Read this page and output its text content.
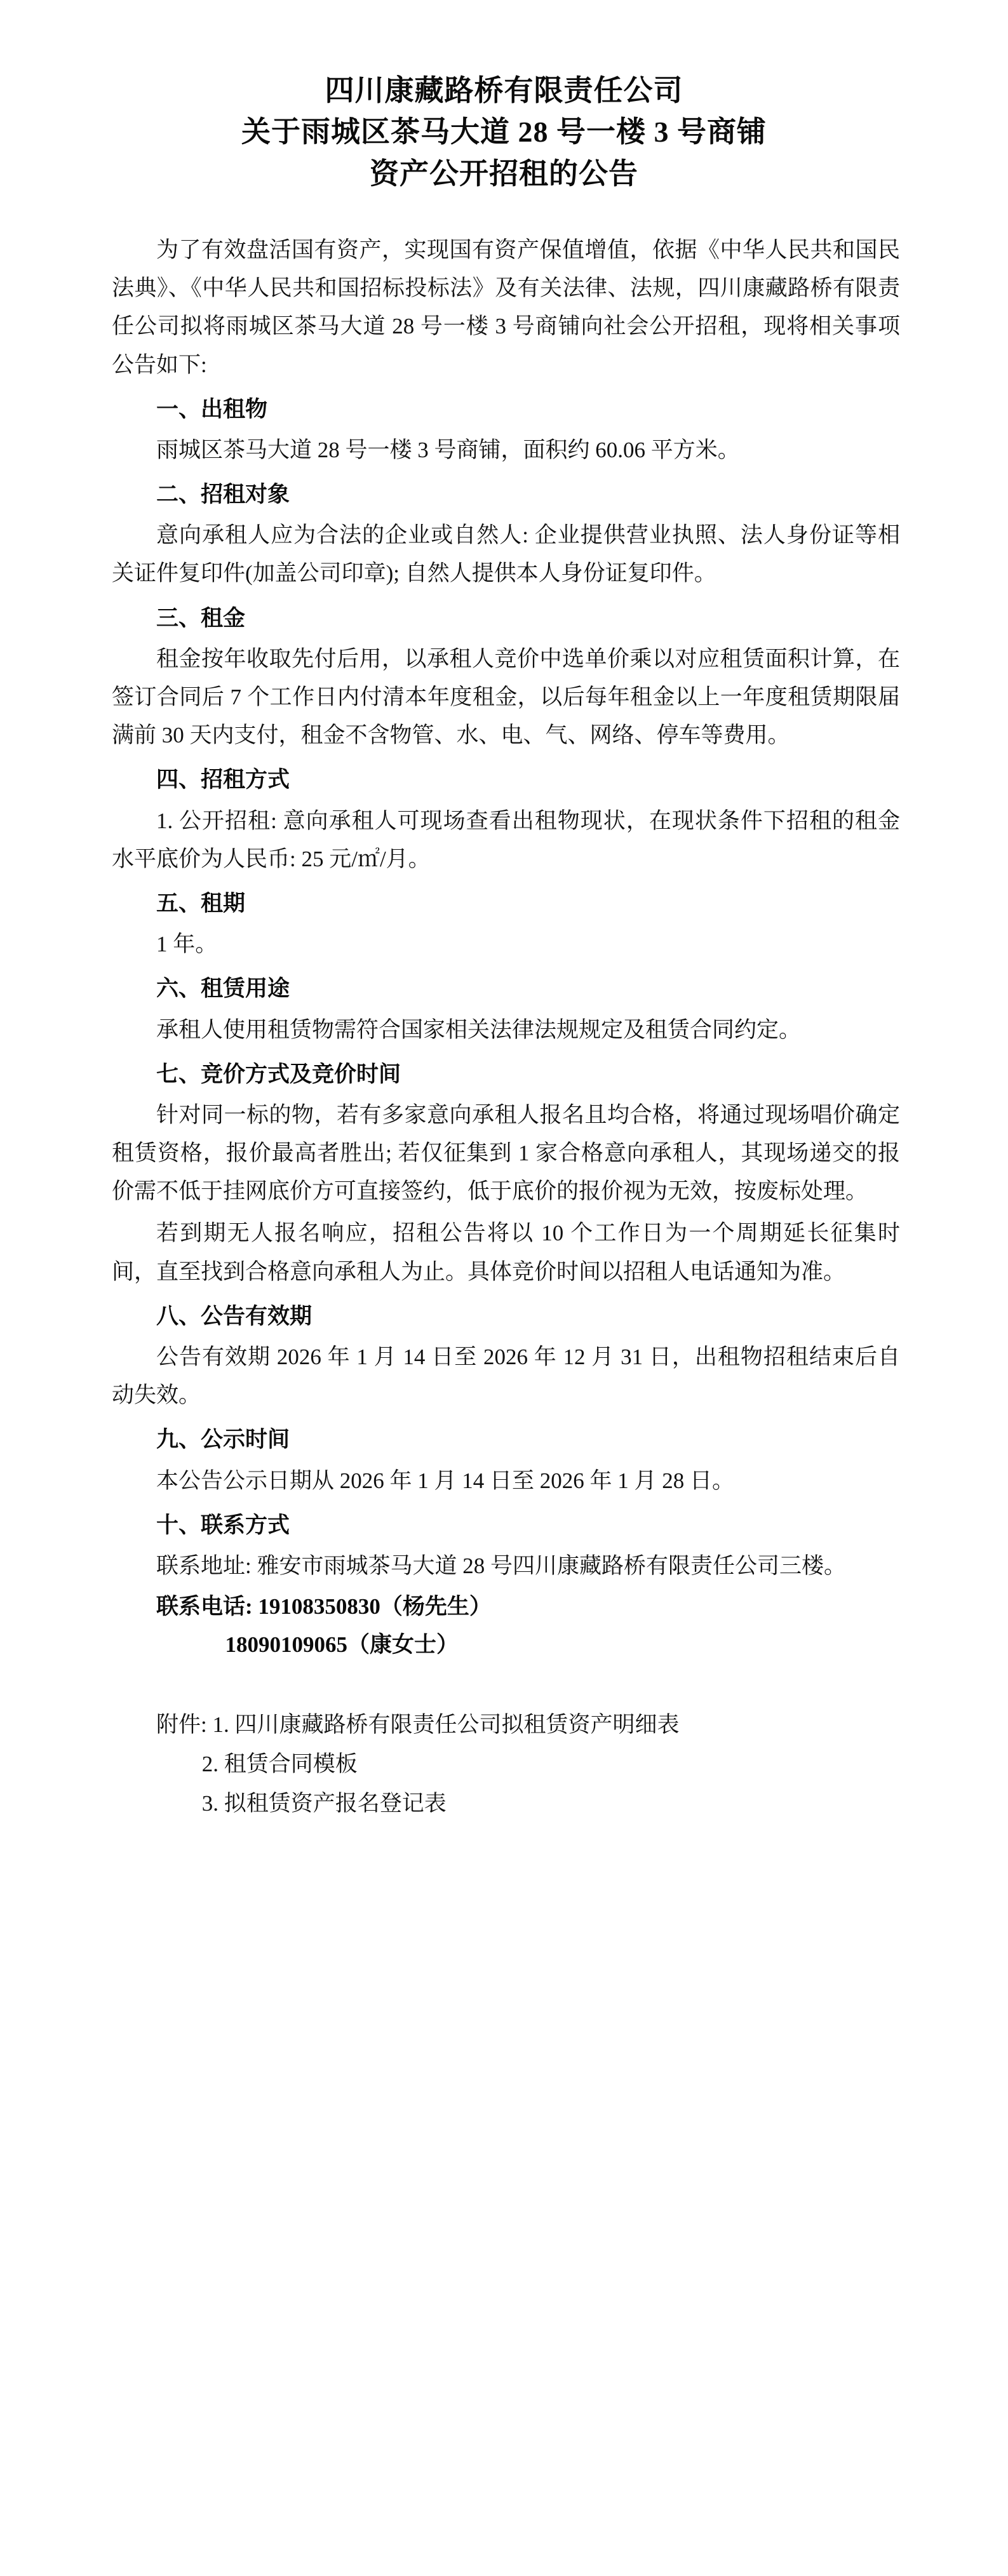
四川康藏路桥有限责任公司
关于雨城区茶马大道 28 号一楼 3 号商铺
资产公开招租的公告

为了有效盘活国有资产，实现国有资产保值增值，依据《中华人民共和国民法典》、《中华人民共和国招标投标法》及有关法律、法规，四川康藏路桥有限责任公司拟将雨城区茶马大道 28 号一楼 3 号商铺向社会公开招租，现将相关事项公告如下:

一、出租物

雨城区茶马大道 28 号一楼 3 号商铺，面积约 60.06 平方米。

二、招租对象

意向承租人应为合法的企业或自然人: 企业提供营业执照、法人身份证等相关证件复印件(加盖公司印章); 自然人提供本人身份证复印件。

三、租金

租金按年收取先付后用，以承租人竞价中选单价乘以对应租赁面积计算，在签订合同后 7 个工作日内付清本年度租金，以后每年租金以上一年度租赁期限届满前 30 天内支付，租金不含物管、水、电、气、网络、停车等费用。

四、招租方式

1. 公开招租: 意向承租人可现场查看出租物现状，在现状条件下招租的租金水平底价为人民币: 25 元/㎡/月。

五、租期

1 年。

六、租赁用途

承租人使用租赁物需符合国家相关法律法规规定及租赁合同约定。

七、竞价方式及竞价时间

针对同一标的物，若有多家意向承租人报名且均合格，将通过现场唱价确定租赁资格，报价最高者胜出; 若仅征集到 1 家合格意向承租人，其现场递交的报价需不低于挂网底价方可直接签约，低于底价的报价视为无效，按废标处理。

若到期无人报名响应，招租公告将以 10 个工作日为一个周期延长征集时间，直至找到合格意向承租人为止。具体竞价时间以招租人电话通知为准。

八、公告有效期

公告有效期 2026 年 1 月 14 日至 2026 年 12 月 31 日，出租物招租结束后自动失效。

九、公示时间

本公告公示日期从 2026 年 1 月 14 日至 2026 年 1 月 28 日。

十、联系方式

联系地址: 雅安市雨城茶马大道 28 号四川康藏路桥有限责任公司三楼。

联系电话: 19108350830（杨先生）

18090109065（康女士）

附件: 1. 四川康藏路桥有限责任公司拟租赁资产明细表

2. 租赁合同模板

3. 拟租赁资产报名登记表
